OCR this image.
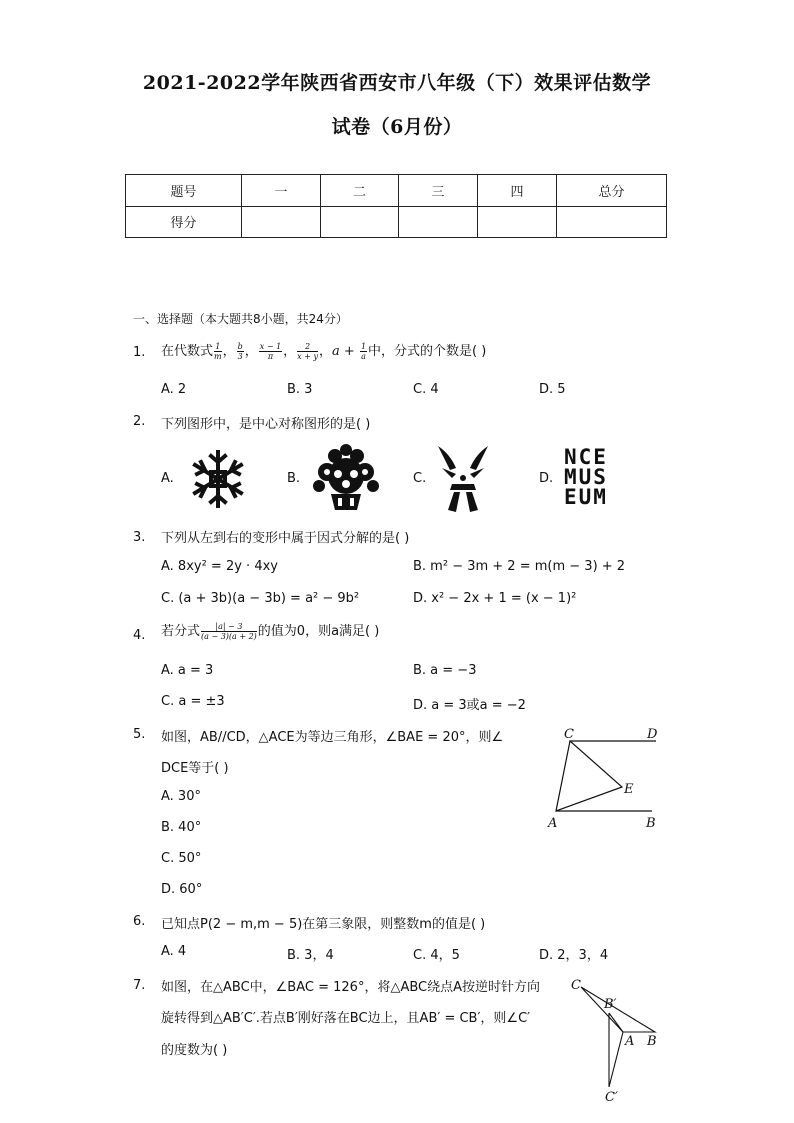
2021-2022学年陕西省西安市八年级（下）效果评估数学
试卷（6月份）
题号	一	二	三	四	总分
得分					
一、选择题（本大题共8小题，共24分）
1. 在代数式 $\frac{1}{m}$ ， $\frac{b}{3}$ ， $\frac{x - 1}{\pi}$ ， $\frac{2}{x + y}$ ，$a + \frac{1}{a}$ 中，分式的个数是( )
A. 2	B. 3	C. 4	D. 5
2. 下列图形中，是中心对称图形的是( )
A.	B.	C.	D.
NCE
MUS
EUM
3. 下列从左到右的变形中属于因式分解的是( )
A. 8xy² = 2y · 4xy	B. m² − 3m + 2 = m(m − 3) + 2
C. (a + 3b)(a − 3b) = a² − 9b²	D. x² − 2x + 1 = (x − 1)²
4. 若分式 $\frac{|a| - 3}{(a - 3)(a + 2)}$ 的值为0，则a满足( )
A. a = 3	B. a = −3
C. a = ±3	D. a = 3或a = −2
5. 如图，AB//CD，△ACE为等边三角形，∠BAE = 20°，则∠
DCE等于( )
A. 30°
B. 40°
C. 50°
D. 60°
C	D
E
A	B
6. 已知点P(2 − m,m − 5)在第三象限，则整数m的值是( )
A. 4	B. 3，4	C. 4，5	D. 2，3，4
7. 如图，在△ABC中，∠BAC = 126°，将△ABC绕点A按逆时针方向
旋转得到△AB′C′.若点B′刚好落在BC边上，且AB′ = CB′，则∠C′
的度数为( )
C
B′
A B
C′
